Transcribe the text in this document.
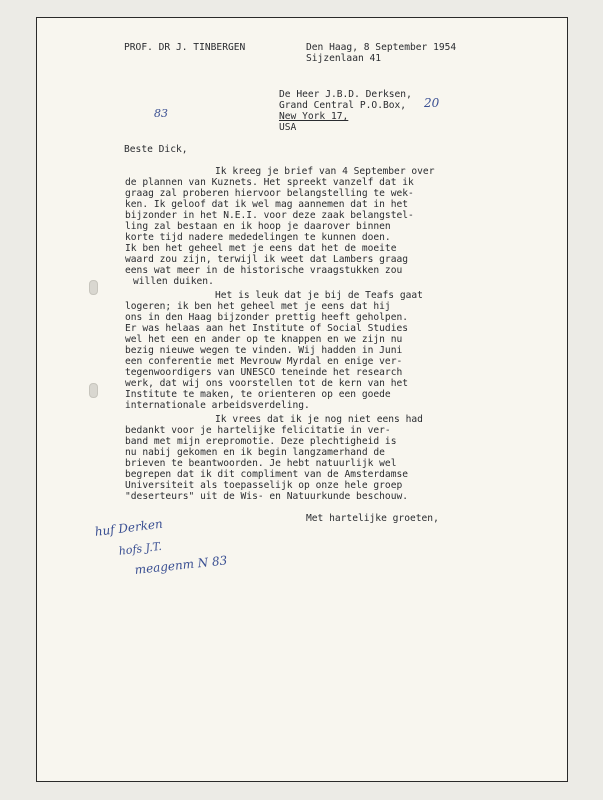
PROF. DR J. TINBERGEN	Den Haag, 8 September 1954
Sijzenlaan 41
83
De Heer J.B.D. Derksen,
Grand Central P.O.Box, 20
New York 17,
USA
Beste Dick,
Ik kreeg je brief van 4 September over
de plannen van Kuznets. Het spreekt vanzelf dat ik
graag zal proberen hiervoor belangstelling te wek-
ken. Ik geloof dat ik wel mag aannemen dat in het
bijzonder in het N.E.I. voor deze zaak belangstel-
ling zal bestaan en ik hoop je daarover binnen
korte tijd nadere mededelingen te kunnen doen.
Ik ben het geheel met je eens dat het de moeite
waard zou zijn, terwijl ik weet dat Lambers graag
eens wat meer in de historische vraagstukken zou
willen duiken.
Het is leuk dat je bij de Teafs gaat
logeren; ik ben het geheel met je eens dat hij
ons in den Haag bijzonder prettig heeft geholpen.
Er was helaas aan het Institute of Social Studies
wel het een en ander op te knappen en we zijn nu
bezig nieuwe wegen te vinden. Wij hadden in Juni
een conferentie met Mevrouw Myrdal en enige ver-
tegenwoordigers van UNESCO teneinde het research
werk, dat wij ons voorstellen tot de kern van het
Institute te maken, te orienteren op een goede
internationale arbeidsverdeling.
Ik vrees dat ik je nog niet eens had
bedankt voor je hartelijke felicitatie in ver-
band met mijn erepromotie. Deze plechtigheid is
nu nabij gekomen en ik begin langzamerhand de
brieven te beantwoorden. Je hebt natuurlijk wel
begrepen dat ik dit compliment van de Amsterdamse
Universiteit als toepasselijk op onze hele groep
"deserteurs" uit de Wis- en Natuurkunde beschouw.
Met hartelijke groeten,
huf Derken
hofs J.T.
meagenm N 83
